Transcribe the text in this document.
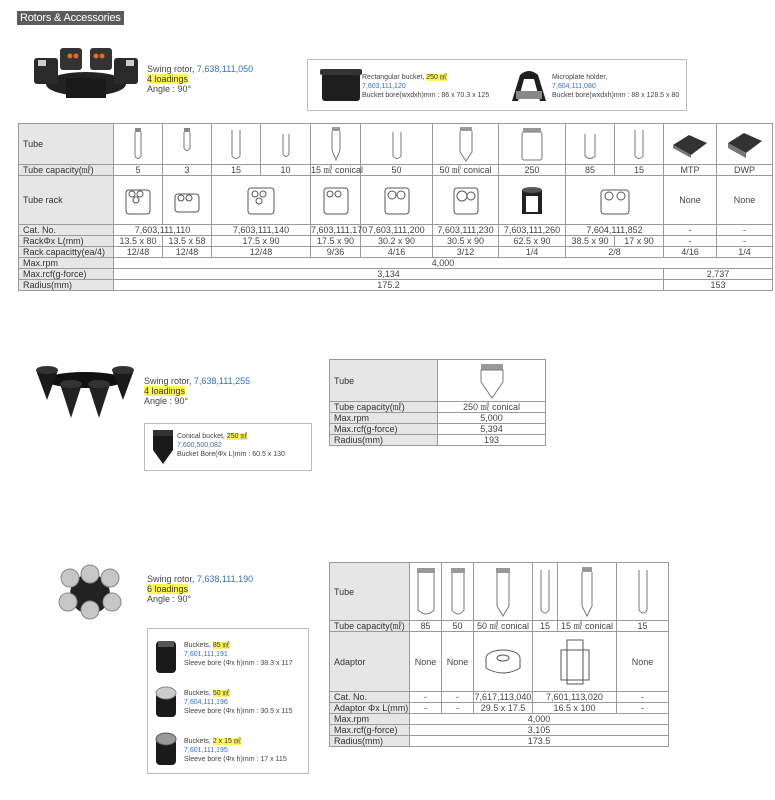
Rotors & Accessories
Swing rotor, 7,638,111,050
4 loadings
Angle : 90°
Rectangular bucket, 250 ㎖
7,603,111,120
Bucket bore(wxdxh)mm : 86 x 70.3 x 125
Microplate holder,
7,604,111,080
Bucket bore(wxdxh)mm : 88 x 128.5 x 80
Tube	

Tube capacity(㎖)	5	3	15	10	15 ㎖ conical	50	50 ㎖ conical	250	85	15	MTP	DWP
Tube rack											None	None
Cat. No.	7,603,111,110		7,603,111,140		7,603,111,170	7,603,111,200	7,603,111,230	7,603,111,260	7,604,111,852		-	-
RackΦx L(mm)	13.5 x 80	13.5 x 58	17.5 x 90		17.5 x 90	30.2 x 90	30.5 x 90	62.5 x 90	38.5 x 90	17 x 90	-	-
Rack capacitty(ea/4)	12/48	12/48	12/48		9/36	4/16	3/12	1/4	2/8		4/16	1/4
Max.rpm	4,000											
Max.rcf(g-force)	3,134										2,737	
Radius(mm)	175.2										153	
Swing rotor, 7,638,111,255
4 loadings
Angle : 90°
Conical bucket, 250 ㎖
7,600,500,082
Bucket Bore(Φx L)mm : 60.5 x 130
Tube	

Tube capacity(㎖)	250 ㎖ conical
Max.rpm	5,000
Max.rcf(g-force)	5,394
Radius(mm)	193
Swing rotor, 7,638,111,190
6 loadings
Angle : 90°
Buckets, 85 ㎖
7,601,111,191
Sleeve bore (Φx h)mm : 38.3 x 117
Buckets, 50 ㎖
7,604,111,196
Sleeve bore (Φx h)mm : 30.5 x 115
Buckets, 2 x 15 ㎖
7,601,111,195
Sleeve bore (Φx h)mm : 17 x 115
Tube	

Tube capacity(㎖)	85	50	50 ㎖ conical	15	15 ㎖ conical	15
Adaptor	None	None				None
Cat. No.	-	-	7,617,113,040	7,601,113,020		-
Adaptor Φx L(mm)	-	-	29.5 x 17.5	16.5 x 100		-
Max.rpm	4,000					
Max.rcf(g-force)	3,105					
Radius(mm)	173.5					
